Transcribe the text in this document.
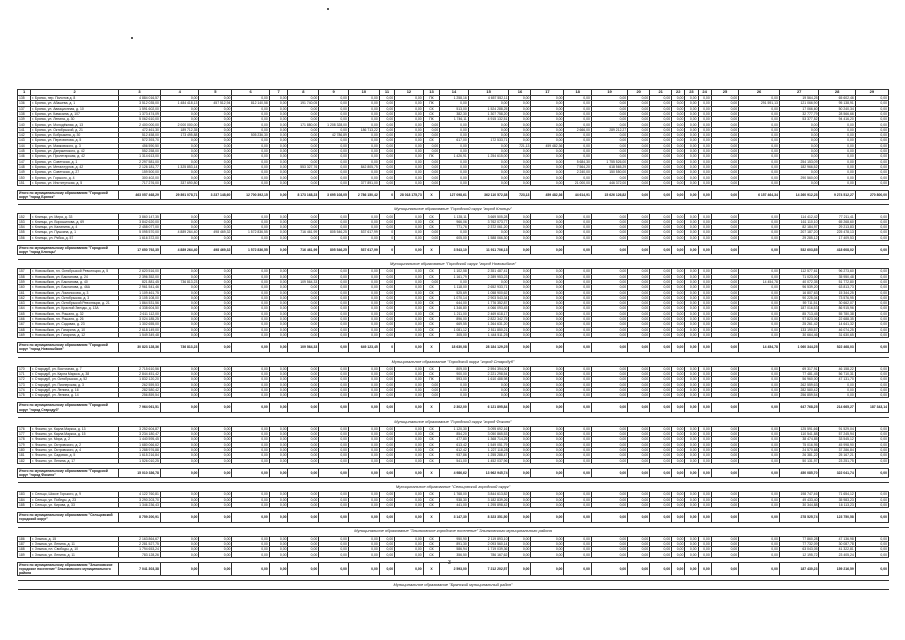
1	2	3	4	5	6	7	8	9	10	11	12	13	14	15	16	17	18	19	20	21	22	23	24	25	26	27	28	29
135	г. Брянск, пер. Пилотов д. 8	4 884 016,57	0,00	0,00	0,00	0,00	0,00	0,00	0,00	0,00	0,00	ПК	1 258,16	4 657 552,11	0,00	0,00	0,00	0,00	0,00	0,00	0,00	0,00	0,00	0,00	0,00	19 564,25	65 602,46	0,00
136	г. Брянск, ул. Абашева, д. 1	3 512 035,00	1 484 418,13	457 512,94	812 140,58	0,00	191 740,05	0,00	0,00	0,00	0,00	ПК	0,00	0,00	0,00	0,00	0,00	0,00	0,00	0,00	0,00	0,00	0,00	0,00	291 591,13	121 066,90	95 138,91	0,00
137	г. Брянск, ул. Авиационная, д. 10	1 591 602,00	0,00	0,00	0,00	0,00	0,00	0,00	0,00	0,00	0,00	СК	513,00	1 524 288,25	0,00	0,00	0,00	0,00	0,00	0,00	0,00	0,00	0,00	0,00	0,00	17 066,60	50 240,34	0,00
138	г. Брянск, ул. Камозина, д. 107	1 373 474,09	0,00	0,00	0,00	0,00	0,00	0,00	0,00	0,00	0,00	СК	382,30	1 307 758,20	0,00	0,00	0,00	0,00	0,00	0,00	0,00	0,00	0,00	0,00	0,00	32 777,79	28 566,66	0,00
139	г. Брянск, ул. Ленина, д. 30	5 062 610,00	0,00	0,00	0,00	0,00	0,00	0,00	0,00	0,00	0,00	ПК	1 746,11	4 915 132,51	0,00	0,00	0,00	0,00	0,00	0,00	0,00	0,00	0,00	0,00	0,00	53 377,52	94 416,20	0,00
140	г. Брянск, ул. Молодёжная, д. 13	2 400 000,00	2 000 000,00	0,00	0,00	0,00	171 880,00	1 208 328,00	0,00	0,00	0,00	0,00	0,00	0,00	0,00	0,00	0,00	0,00	0,00	0,00	0,00	0,00	0,00	0,00	0,00	0,00	0,00	0,00
141	г. Брянск, ул. Октябрьской, д. 21	472 461,30	189 712,35	0,00	0,00	0,00	0,00	0,00	186 713,22	0,00	0,00	0,00	0,00	0,00	0,00	0,00	2 666,00	289 212,27	0,00	0,00	0,00	0,00	0,00	0,00	0,00	0,00	0,00	0,00
142	г. Брянск, ул. Бобрыкина, д. 30	512 458,00	173 495,88	0,00	505 236,30	0,00	0,00	42 786,89	0,00	0,00	0,00	0,00	0,00	0,00	0,00	0,00	0,00	0,00	0,00	0,00	0,00	0,00	0,00	0,00	0,00	0,00	0,00	0,00
143	г. Брянск, ул. Пересвятова, д. 5	572 393,70	0,00	0,00	0,00	0,00	0,00	0,00	0,00	0,00	0,00	СК	617,00	172 533,71	0,00	0,00	0,00	0,00	0,00	0,00	0,00	0,00	0,00	0,00	0,00	0,00	0,00	0,00
144	г. Брянск, ул. Маяковского, д. 3	456 590,50	0,00	0,00	0,00	0,00	0,00	0,00	0,00	0,00	0,00	0,00	0,00	0,00	721,13	459 482,36	0,00	0,00	0,00	0,00	0,00	0,00	0,00	0,00	0,00	0,00	0,00	0,00
145	г. Брянск, ул. Дзержинского, д. 42	552 258,00	0,00	0,00	0,00	0,00	0,00	0,00	0,00	0,00	0,00	0,00	0,00	0,00	0,00	0,00	0,00	0,00	0,00	0,00	0,00	0,00	0,00	0,00	0,00	0,00	0,00	0,00
146	г. Брянск, ул. Пролетарская, д. 42	1 314 613,00	0,00	0,00	0,00	0,00	0,00	0,00	0,00	0,00	0,00	ПК	1 426,91	1 254 615,00	0,00	0,00	0,00	0,00	0,00	0,00	0,00	0,00	0,00	0,00	0,00	0,00	0,00	0,00
147	г. Брянск, ул. Советская, д. 1	2 297 581,00	0,00	0,00	0,00	0,00	0,00	0,00	0,00	0,00	0,00	0,00	0,00	0,00	0,00	0,00	5 684,30	1 755 526,00	0,00	0,00	0,00	0,00	0,00	0,00	0,00	254 153,09	0,00	0,00
148	г. Брянск, ул. Металлургов, д. 42	2 126 181,77	1 325 853,14	0,00	0,00	0,00	553 327,76	0,00	842 805,75	0,00	0,00	0,00	0,00	0,00	0,00	0,00	7 564,20	618 565,29	0,00	0,00	0,00	0,00	0,00	0,00	0,00	182 966,52	0,00	0,00
149	г. Брянск, ул. Советская, д. 27	159 500,00	0,00	0,00	0,00	0,00	0,00	0,00	0,00	0,00	0,00	0,00	0,00	0,00	0,00	0,00	2 240,00	150 550,00	0,00	0,00	0,00	0,00	0,00	0,00	0,00	0,00	0,00	0,00
150	г. Брянск, ул. Горького, д. 4	300 402,00	0,00	0,00	0,00	0,00	0,00	0,00	0,00	0,00	0,00	0,00	0,00	0,00	0,00	0,00	0,00	0,00	0,00	0,00	0,00	0,00	0,00	0,00	0,00	290 560,00	0,00	0,00
151	г. Брянск, ул. Институтская, д. 5	717 276,00	337 690,80	0,00	0,00	0,00	0,00	0,00	377 891,00	0,00	0,00	0,00	0,00	0,00	0,00	0,00	21 000,00	446 372,00	0,00	0,00	0,00	0,00	0,00	0,00	0,00	0,00	0,00	0,00

Итого по муниципальному образованию "Городской округ "город Брянск"		463 057 468,29	29 891 078,71	3 237 148,60	12 700 392,15	0,00	8 173 168,23	3 695 108,05	2 786 150,42	0	28 018 175,73	X	127 098,61	362 110 572,38	723,13	459 482,36	44 614,91	15 626 126,82	0,00	0,00	0,00	0,00	0,00	0,00	6 157 464,34	14 260 912,23	9 274 512,27	270 800,00

Муниципальное образование "Городской округ "город Клинцы"																												
152	г. Клинцы, ул. Мира, д. 33	3 860 147,35	0,00	0,00	0,00	0,00	0,00	0,00	0,00	0,00	0,00	СК	1 135,11	3 669 505,28	0,00	0,00	0,00	0,00	0,00	0,00	0,00	0,00	0,00	0,00	0,00	114 412,42	77 211,41	0,00
153	г. Клинцы, ул. Ворошилова, д. 69	3 842 620,00	0,00	0,00	0,00	0,00	0,00	0,00	0,00	0,00	0,00	СК	966,06	3 762 073,77	0,00	0,00	0,00	0,00	0,00	0,00	0,00	0,00	0,00	0,00	0,00	161 110,10	65 268,60	0,00
154	г. Клинцы, ул. Калинина, д. 4	2 458 077,00	0,00	0,00	0,00	0,00	0,00	0,00	0,00	0,00	0,00	СК	771,76	2 372 061,20	0,00	0,00	0,00	0,00	0,00	0,00	0,00	0,00	0,00	0,00	0,00	82 184,97	29 213,83	0,00
155	г. Клинцы, ул. Пушкина, д. 1	5 095 570,00	4 889 264,40	498 469,32	1 572 836,55	0,00	716 461,99	805 546,25	537 617,99	0	0,00	0,00	0,00	0,00	0,00	0,00	0,00	0,00	0,00	0,00	0,00	0,00	0,00	0,00	0,00	207 187,20	225 478,13	0,00
156	г. Клинцы, ул. Рябка, д. 57	1 616 372,00	0,00	0,00	0,00	0,00	0,00	0,00	0,00	0	0,00	0,00	605,00	1 588 066,30	0,00	0,00	0,00	0,00	0,00	0,00	0,00	0,00	0,00	0,00	0,00	29 285,12	17 409,53	0,00

Итого по муниципальному образованию "Городской округ "город Клинцы"		17 650 792,35	4 889 264,40	498 469,32	1 572 836,55	0,00	716 461,99	805 546,25	537 617,99	0	0,00	X	3 543,10	11 911 706,13	0,00	0,00	0,00	0,00	0,00	0,00	0,00	0,00	0,00	0,00	0,00	532 603,85	418 608,02	0,00

Муниципальное образование "Городской округ "город Новозыбков"																												
157	г. Новозыбков, пл. Октябрьской Революции, д. 5	2 620 516,00	0,00	0,00	0,00	0,00	0,00	0,00	0,00	0,00	0,00	СК	1 102,58	2 351 487,41	0,00	0,00	0,00	0,00	0,00	0,00	0,00	0,00	0,00	0,00	0,00	112 577,61	96 273,60	0,00
158	г. Новозыбков, ул. Бакланова, д. 24	2 396 352,00	0,00	0,00	0,00	0,00	0,00	0,00	0,00	0,00	0,00	СК	1 161,79	2 289 953,23	0,00	0,00	0,00	0,00	0,00	0,00	0,00	0,00	0,00	0,00	0,00	71 023,00	35 950,48	0,00
159	г. Новозыбков, ул. Бакланова, д. 40	821 881,45	736 813,23	0,00	0,00	0,00	109 564,33	0,00	0,00	0,00	0,00	0,00	0,00	0,00	0,00	0,00	0,00	0,00	0,00	0,00	0,00	0,00	0,00	0,00	14 454,78	40 072,35	51 772,80	0,00
160	г. Новозыбков, ул. Бакланова, д. 46А	2 961 541,46	0,00	0,00	0,00	0,00	0,00	0,00	0,00	0,00	0,00	СК	1 118,00	2 652 933,71	0,00	0,00	0,00	0,00	0,00	0,00	0,00	0,00	0,00	0,00	0,00	96 539,20	63 813,73	0,00
161	г. Новозыбков, ул. Ломоносова, д. 3	1 109 461,75	0,00	0,00	0,00	0,00	0,00	0,00	0,00	0,00	0,00	СК	525,69	1 058 900,62	0,00	0,00	0,00	0,00	0,00	0,00	0,00	0,00	0,00	0,00	0,00	16 807,63	15 344,25	0,00
162	г. Новозыбков, ул. Октябрьская, д. 3	3 105 108,00	0,00	0,00	0,00	0,00	0,00	0,00	0,00	0,00	0,00	СК	1 070,14	2 903 543,34	0,00	0,00	0,00	0,00	0,00	0,00	0,00	0,00	0,00	0,00	0,00	90 225,04	73 576,95	0,00
163	г. Новозыбков, ул. Октябрьской Революции, д. 21	1 864 531,56	0,00	0,00	0,00	0,00	0,00	0,00	0,00	0,00	0,00	СК	644,00	1 776 352,87	0,00	0,00	0,00	0,00	0,00	0,00	0,00	0,00	0,00	0,00	0,00	59 711,51	30 662,07	0,00
164	г. Новозыбков, ул. Красной Звезды, д. 13А	4 338 604,50	0,00	0,00	0,00	0,00	0,00	0,00	0,00	0,00	0,00	СК	1 346,80	4 066 093,45	0,00	0,00	0,00	0,00	0,00	0,00	0,00	0,00	0,00	0,00	0,00	187 016,53	86 915,96	0,00
165	г. Новозыбков, пл. Рошаля, д. 32	2 611 112,00	0,00	0,00	0,00	0,00	0,00	0,00	0,00	0,00	0,00	СК	1 211,00	2 469 618,17	0,00	0,00	0,00	0,00	0,00	0,00	0,00	0,00	0,00	0,00	0,00	85 713,45	55 780,38	0,00
166	г. Новозыбков, пл. Рошаля, д. 26	3 024 185,25	0,00	0,00	0,00	0,00	0,00	0,00	0,00	0,00	0,00	СК	896,00	2 822 342,75	0,00	0,00	0,00	0,00	0,00	0,00	0,00	0,00	0,00	0,00	0,00	97 823,06	22 688,35	0,00
167	г. Новозыбков, ул. Садовая, д. 23	1 302 655,00	0,00	0,00	0,00	0,00	0,00	0,00	0,00	0,00	0,00	СК	669,55	1 264 631,20	0,00	0,00	0,00	0,00	0,00	0,00	0,00	0,00	0,00	0,00	0,00	25 261,42	14 641,32	0,00
168	г. Новозыбков, ул. Гагарина, д. 10	2 618 149,00	0,00	0,00	0,00	0,00	0,00	0,00	0,00	0,00	0,00	СК	1 081,12	2 511 850,21	0,00	0,00	0,00	0,00	0,00	0,00	0,00	0,00	0,00	0,00	0,00	133 190,57	46 074,25	0,00
169	г. Новозыбков, ул. Гагарина, д. 12	1 549 349,48	0,00	0,00	0,00	0,00	0,00	0,00	0,00	0,00	0,00	СК	305,00	1 444 511,25	0,00	0,00	0,00	0,00	0,00	0,00	0,00	0,00	0,00	0,00	0,00	30 664,46	31 630,65	0,00

Итого по муниципальному образованию "Городской округ "город Новозыбков"		30 823 128,36	736 813,23	0,00	0,00	0,00	109 564,33	0,00	649 123,45	0	0,00	X	18 630,08	28 184 129,25	0,00	0,00	0,00	0,00	0,00	0,00	0,00	0,00	0,00	0,00	14 454,78	1 060 344,25	522 468,03	0,00

Муниципальное образование "Городской округ "город Стародуб"																												
170	г. Стародуб, ул. Восточная, д. 7	2 715 610,56	0,00	0,00	0,00	0,00	0,00	0,00	0,00	0,00	0,00	СК	809,00	2 594 394,00	0,00	0,00	0,00	0,00	0,00	0,00	0,00	0,00	0,00	0,00	0,00	69 317,91	46 158,22	0,00
171	г. Стародуб, ул. Карла Маркса, д. 38	2 844 451,42	0,00	0,00	0,00	0,00	0,00	0,00	0,00	0,00	0,00	СК	900,00	2 221 298,54	0,00	0,00	0,00	0,00	0,00	0,00	0,00	0,00	0,00	0,00	0,00	77 481,45	56 710,31	0,00
172	г. Стародуб, ул. Октябрьская, д. 52	1 832 120,20	0,00	0,00	0,00	0,00	0,00	0,00	0,00	0,00	0,00	ПК	593,00	1 610 488,98	0,00	0,00	0,00	0,00	0,00	0,00	0,00	0,00	0,00	0,00	0,00	56 960,00	47 131,70	0,00
173	г. Стародуб, ул. Пионерская, д. 3	262 559,53	0,00	0,00	0,00	0,00	0,00	0,00	0,00	0,00	0,00	0,00	0,00	0,00	0,00	0,00	0,00	0,00	0,00	0,00	0,00	0,00	0,00	0,00	0,00	262 559,63	0,00	0,00
174	г. Стародуб, ул. Ленина, д. 16	282 580,42	0,00	0,00	0,00	0,00	0,00	0,00	0,00	0,00	0,00	0,00	0,00	0,00	0,00	0,00	0,00	0,00	0,00	0,00	0,00	0,00	0,00	0,00	0,00	282 580,42	0,00	0,00
175	г. Стародуб, ул. Ленина, д. 14	256 859,54	0,00	0,00	0,00	0,00	0,00	0,00	0,00	0,00	0,00	0,00	0,00	0,00	0,00	0,00	0,00	0,00	0,00	0,00	0,00	0,00	0,00	0,00	0,00	256 859,54	0,00	0,00

Итого по муниципальному образованию "Городской округ "город Стародуб"		7 964 061,51	0,00	0,00	0,00	0,00	0,00	0,00	0,00	0,00	0,00	X	2 302,00	6 121 895,84	0,00	0,00	0,00	0,00	0,00	0,00	0,00	0,00	0,00	0,00	0,00	647 768,25	214 665,27	187 343,14

Муниципальное образование "Городской округ "город Фокино"																												
176	г. Фокино, ул. Карла Маркса, д. 13	3 252 604,87	0,00	0,00	0,00	0,00	0,00	0,00	0,00	0,00	0,00	СК	1 120,30	3 095 692,16	0,00	0,00	0,00	0,00	0,00	0,00	0,00	0,00	0,00	0,00	0,00	125 591,66	91 529,04	0,00
177	г. Фокино, ул. Карла Маркса, д. 15	3 234 180,47	0,00	0,00	0,00	0,00	0,00	0,00	0,00	0,00	0,00	СК	854,20	3 050 865,53	0,00	0,00	0,00	0,00	0,00	0,00	0,00	0,00	0,00	0,00	0,00	110 541,88	57 245,94	0,00
178	г. Фокино, ул. Мира, д. 2	1 440 595,45	0,00	0,00	0,00	0,00	0,00	0,00	0,00	0,00	0,00	СК	477,80	1 368 714,25	0,00	0,00	0,00	0,00	0,00	0,00	0,00	0,00	0,00	0,00	0,00	38 474,85	33 545,12	0,00
179	г. Фокино, ул. Островского, д. 2	1 680 066,62	0,00	0,00	0,00	0,00	0,00	0,00	0,00	0,00	0,00	СК	613,42	1 549 051,79	0,00	0,00	0,00	0,00	0,00	0,00	0,00	0,00	0,00	0,00	0,00	75 016,95	45 998,90	0,00
180	г. Фокино, ул. Островского, д. 4	1 288 976,88	0,00	0,00	0,00	0,00	0,00	0,00	0,00	0,00	0,00	СК	612,42	1 227 118,28	0,00	0,00	0,00	0,00	0,00	0,00	0,00	0,00	0,00	0,00	0,00	24 570,68	37 286,84	0,00
181	г. Фокино, ул. Садовая, д. 5	1 615 216,84	0,00	0,00	0,00	0,00	0,00	0,00	0,00	0,00	0,00	СК	937,86	1 255 288,47	0,00	0,00	0,00	0,00	0,00	0,00	0,00	0,00	0,00	0,00	0,00	26 381,22	25 167,21	0,00
182	г. Фокино, ул. Ленина, д. 17	1 526 010,25	0,00	0,00	0,00	0,00	0,00	0,00	0,00	0,00	0,00	СК	541,00	1 452 037,96	0,00	0,00	0,00	0,00	0,00	0,00	0,00	0,00	0,00	0,00	0,00	50 131,97	23 251,75	0,00

Итого по муниципальному образованию "Городской округ "город Фокино"		15 010 336,78	0,00	0,00	0,00	0,00	0,00	0,00	0,00	0,00	0,00	X	4 986,62	13 962 945,74	0,00	0,00	0,00	0,00	0,00	0,00	0,00	0,00	0,00	0,00	0,00	450 085,70	322 041,74	0,00

Муниципальное образование "Сельцовский городской округ"																												
183	г. Сельцо, Шоссе Горького, д. 9	4 122 760,81	0,00	0,00	0,00	0,00	0,00	0,00	0,00	0,00	0,00	СК	1 768,00	3 844 613,82	0,00	0,00	0,00	0,00	0,00	0,00	0,00	0,00	0,00	0,00	0,00	198 747,46	71 654,12	0,00
184	г. Сельцо, ул. Победы, д. 23	3 290 203,70	0,00	0,00	0,00	0,00	0,00	0,00	0,00	0,00	0,00	СК	938,30	3 182 839,26	0,00	0,00	0,00	0,00	0,00	0,00	0,00	0,00	0,00	0,00	0,00	49 433,40	35 983,23	0,00
185	г. Сельцо, ул. Кирова, д. 33	1 346 236,43	0,00	0,00	0,00	0,00	0,00	0,00	0,00	0,00	0,00	СК	441,00	1 295 898,42	0,00	0,00	0,00	0,00	0,00	0,00	0,00	0,00	0,00	0,00	0,00	30 344,88	16 113,23	0,00

Итого по муниципальному образованию "Сельцовский городской округ"		8 759 200,91	0,00	0,00	0,00	0,00	0,00	0,00	0,00	0,00	0,00	X	3 147,30	8 323 351,50	0,00	0,00	0,00	0,00	0,00	0,00	0,00	0,00	0,00	0,00	0,00	278 525,74	123 750,58	0,00

Муниципальное образование "Злынковское городское поселение" Злынковского муниципального района																												
186	г. Злынка, д. 15	2 163 864,67	0,00	0,00	0,00	0,00	0,00	0,00	0,00	0,00	0,00	СК	950,90	2 119 893,10	0,00	0,00	0,00	0,00	0,00	0,00	0,00	0,00	0,00	0,00	0,00	77 860,28	47 136,98	0,00
187	г. Злынка, ул. Ленина, д. 11	2 281 527,75	0,00	0,00	0,00	0,00	0,00	0,00	0,00	0,00	0,00	СК	891,30	2 093 560,14	0,00	0,00	0,00	0,00	0,00	0,00	0,00	0,00	0,00	0,00	0,00	77 732,09	30 087,78	0,00
188	г. Злынка, пл. Свободы, д. 10	1 794 653,24	0,00	0,00	0,00	0,00	0,00	0,00	0,00	0,00	0,00	СК	586,94	1 719 039,36	0,00	0,00	0,00	0,00	0,00	0,00	0,00	0,00	0,00	0,00	0,00	63 043,05	41 322,81	0,00
189	г. Злынка, ул. Ленина, д. 11	783 128,26	0,00	0,00	0,00	0,00	0,00	0,00	0,00	0,00	0,00	СК	356,50	786 167,62	0,00	0,00	0,00	0,00	0,00	0,00	0,00	0,00	0,00	0,00	0,00	12 195,72	23 405,24	0,00

Итого по муниципальному образованию "Злынковское городское поселение" Злынковского муниципального района		7 041 303,38	0,00	0,00	0,00	0,00	0,00	0,00	0,00	0,00	0,00	X	2 593,00	7 212 202,57	0,00	0,00	0,00	0,00	0,00	0,00	0,00	0,00	0,00	0,00	0,00	187 430,23	159 216,59	0,00

Муниципальное образование "Брянский муниципальный район"																												
3
